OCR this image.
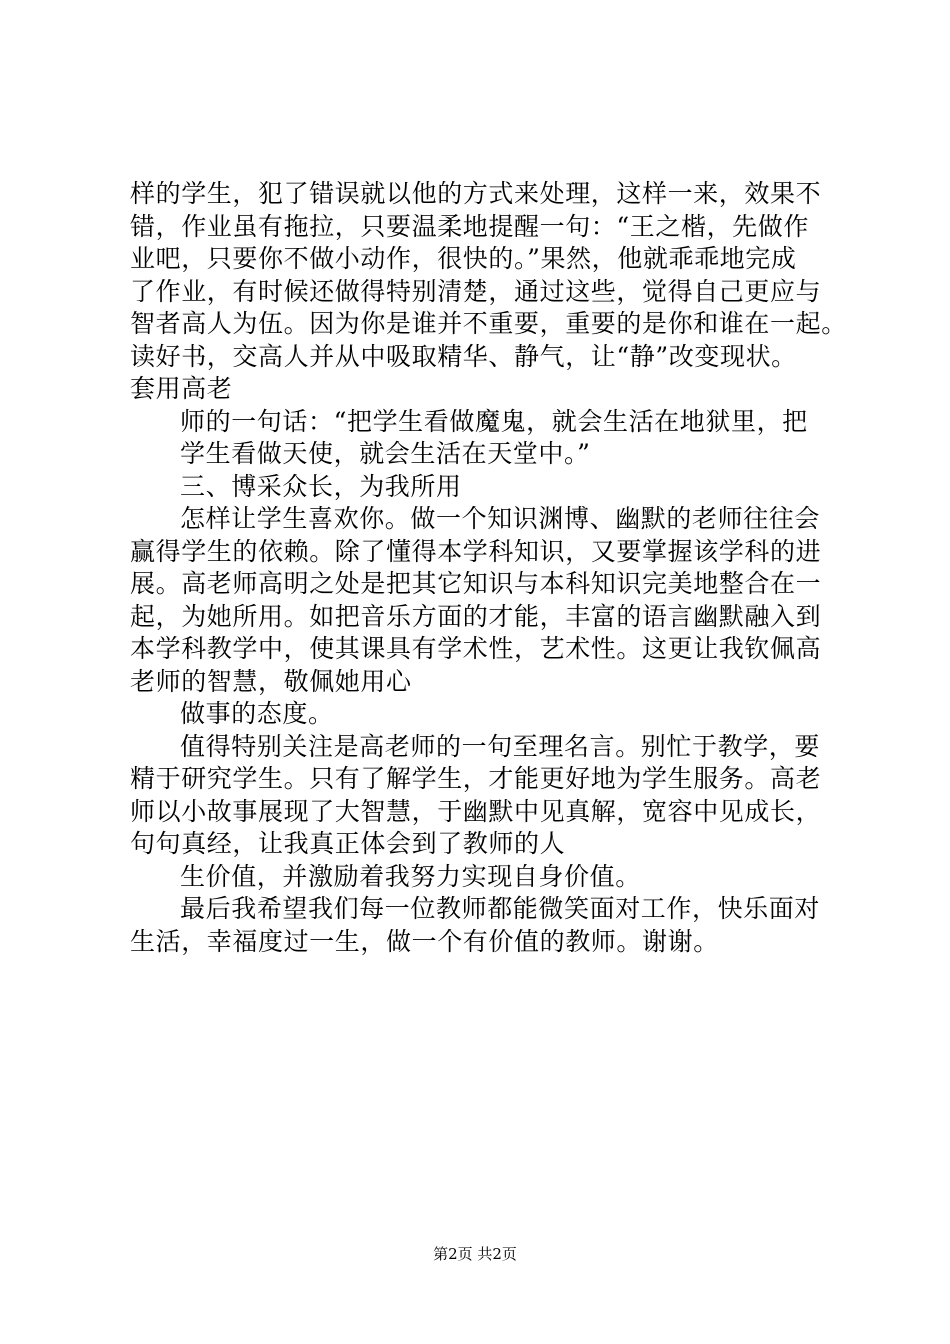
样的学生，犯了错误就以他的方式来处理，这样一来，效果不
错，作业虽有拖拉，只要温柔地提醒一句：“王之楷，先做作
业吧，只要你不做小动作，很快的。”果然，他就乖乖地完成
了作业，有时候还做得特别清楚，通过这些，觉得自己更应与
智者高人为伍。因为你是谁并不重要，重要的是你和谁在一起。
读好书，交高人并从中吸取精华、静气，让“静”改变现状。
套用高老
师的一句话：“把学生看做魔鬼，就会生活在地狱里，把
学生看做天使，就会生活在天堂中。”
三、博采众长，为我所用
怎样让学生喜欢你。做一个知识渊博、幽默的老师往往会
赢得学生的依赖。除了懂得本学科知识，又要掌握该学科的进
展。高老师高明之处是把其它知识与本科知识完美地整合在一
起，为她所用。如把音乐方面的才能，丰富的语言幽默融入到
本学科教学中，使其课具有学术性，艺术性。这更让我钦佩高
老师的智慧，敬佩她用心
做事的态度。
值得特别关注是高老师的一句至理名言。别忙于教学，要
精于研究学生。只有了解学生，才能更好地为学生服务。高老
师以小故事展现了大智慧，于幽默中见真解，宽容中见成长，
句句真经，让我真正体会到了教师的人
生价值，并激励着我努力实现自身价值。
最后我希望我们每一位教师都能微笑面对工作，快乐面对
生活，幸福度过一生，做一个有价值的教师。谢谢。
第2页 共2页
